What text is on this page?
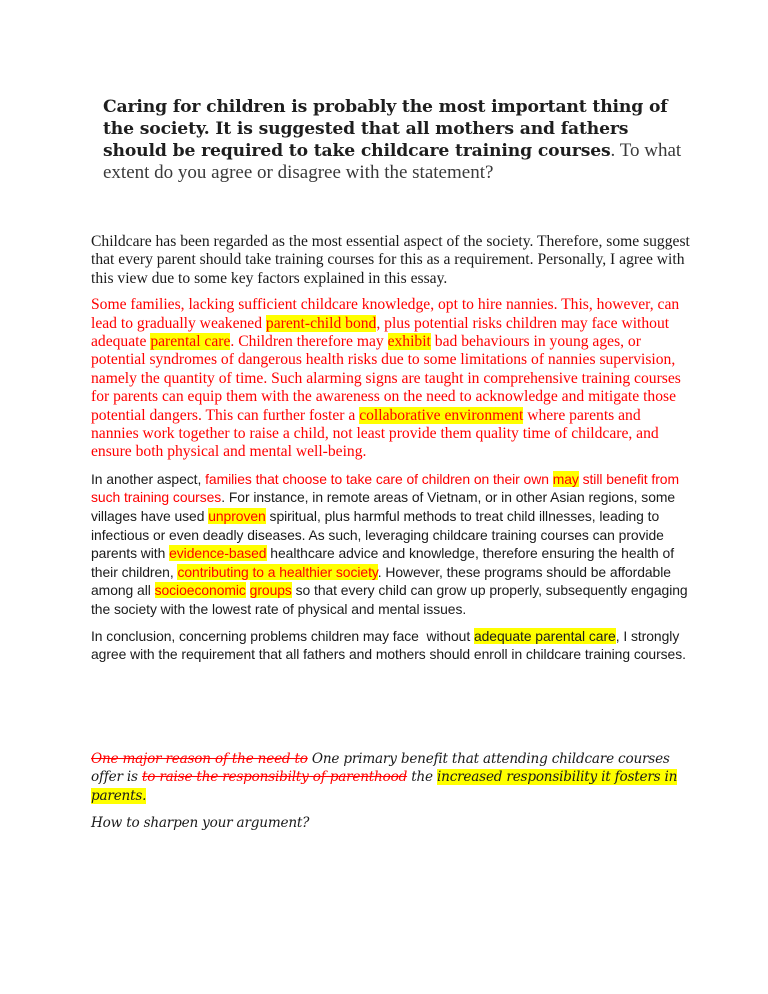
Caring for children is probably the most important thing of the society. It is suggested that all mothers and fathers should be required to take childcare training courses. To what extent do you agree or disagree with the statement?

Childcare has been regarded as the most essential aspect of the society. Therefore, some suggest that every parent should take training courses for this as a requirement. Personally, I agree with this view due to some key factors explained in this essay.

Some families, lacking sufficient childcare knowledge, opt to hire nannies. This, however, can lead to gradually weakened parent-child bond, plus potential risks children may face without adequate parental care. Children therefore may exhibit bad behaviours in young ages, or potential syndromes of dangerous health risks due to some limitations of nannies supervision, namely the quantity of time. Such alarming signs are taught in comprehensive training courses for parents can equip them with the awareness on the need to acknowledge and mitigate those potential dangers. This can further foster a collaborative environment where parents and nannies work together to raise a child, not least provide them quality time of childcare, and ensure both physical and mental well-being.

In another aspect, families that choose to take care of children on their own may still benefit from such training courses. For instance, in remote areas of Vietnam, or in other Asian regions, some villages have used unproven spiritual, plus harmful methods to treat child illnesses, leading to infectious or even deadly diseases. As such, leveraging childcare training courses can provide parents with evidence-based healthcare advice and knowledge, therefore ensuring the health of their children, contributing to a healthier society. However, these programs should be affordable among all socioeconomic groups so that every child can grow up properly, subsequently engaging the society with the lowest rate of physical and mental issues.

In conclusion, concerning problems children may face  without adequate parental care, I strongly agree with the requirement that all fathers and mothers should enroll in childcare training courses.

One major reason of the need to One primary benefit that attending childcare courses offer is to raise the responsibilty of parenthood the increased responsibility it fosters in parents.

How to sharpen your argument?
